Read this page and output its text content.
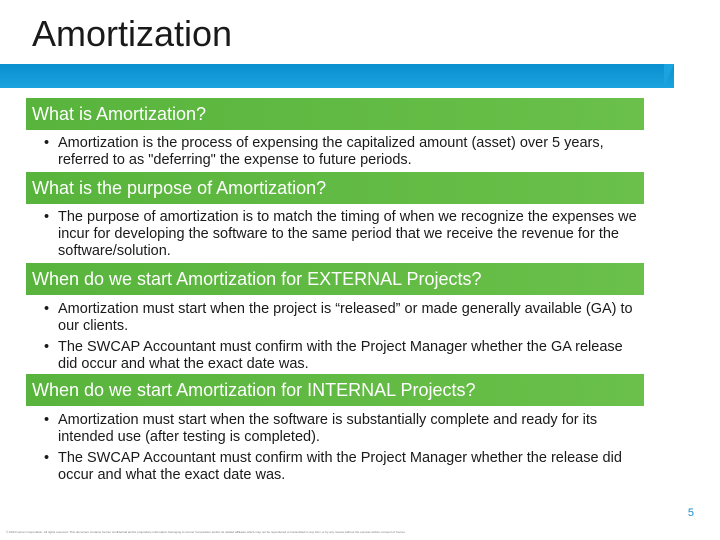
Amortization
What is Amortization?
• Amortization is the process of expensing the capitalized amount (asset) over 5 years, referred to as "deferring" the expense to future periods.
What is the purpose of Amortization?
• The purpose of amortization is to match the timing of when we recognize the expenses we incur for developing the software to the same period that we receive the revenue for the software/solution.
When do we start Amortization for EXTERNAL Projects?
• Amortization must start when the project is “released” or made generally available (GA) to our clients.
• The SWCAP Accountant must confirm with the Project Manager whether the GA release did occur and what the exact date was.
When do we start Amortization for INTERNAL Projects?
• Amortization must start when the software is substantially complete and ready for its intended use (after testing is completed).
• The SWCAP Accountant must confirm with the Project Manager whether the release did occur and what the exact date was.
5
© 2014 Cerner Corporation. All rights reserved. This document contains Cerner confidential and/or proprietary information belonging to Cerner Corporation and/or its related affiliates which may not be reproduced or transmitted in any form or by any means without the express written consent of Cerner.
